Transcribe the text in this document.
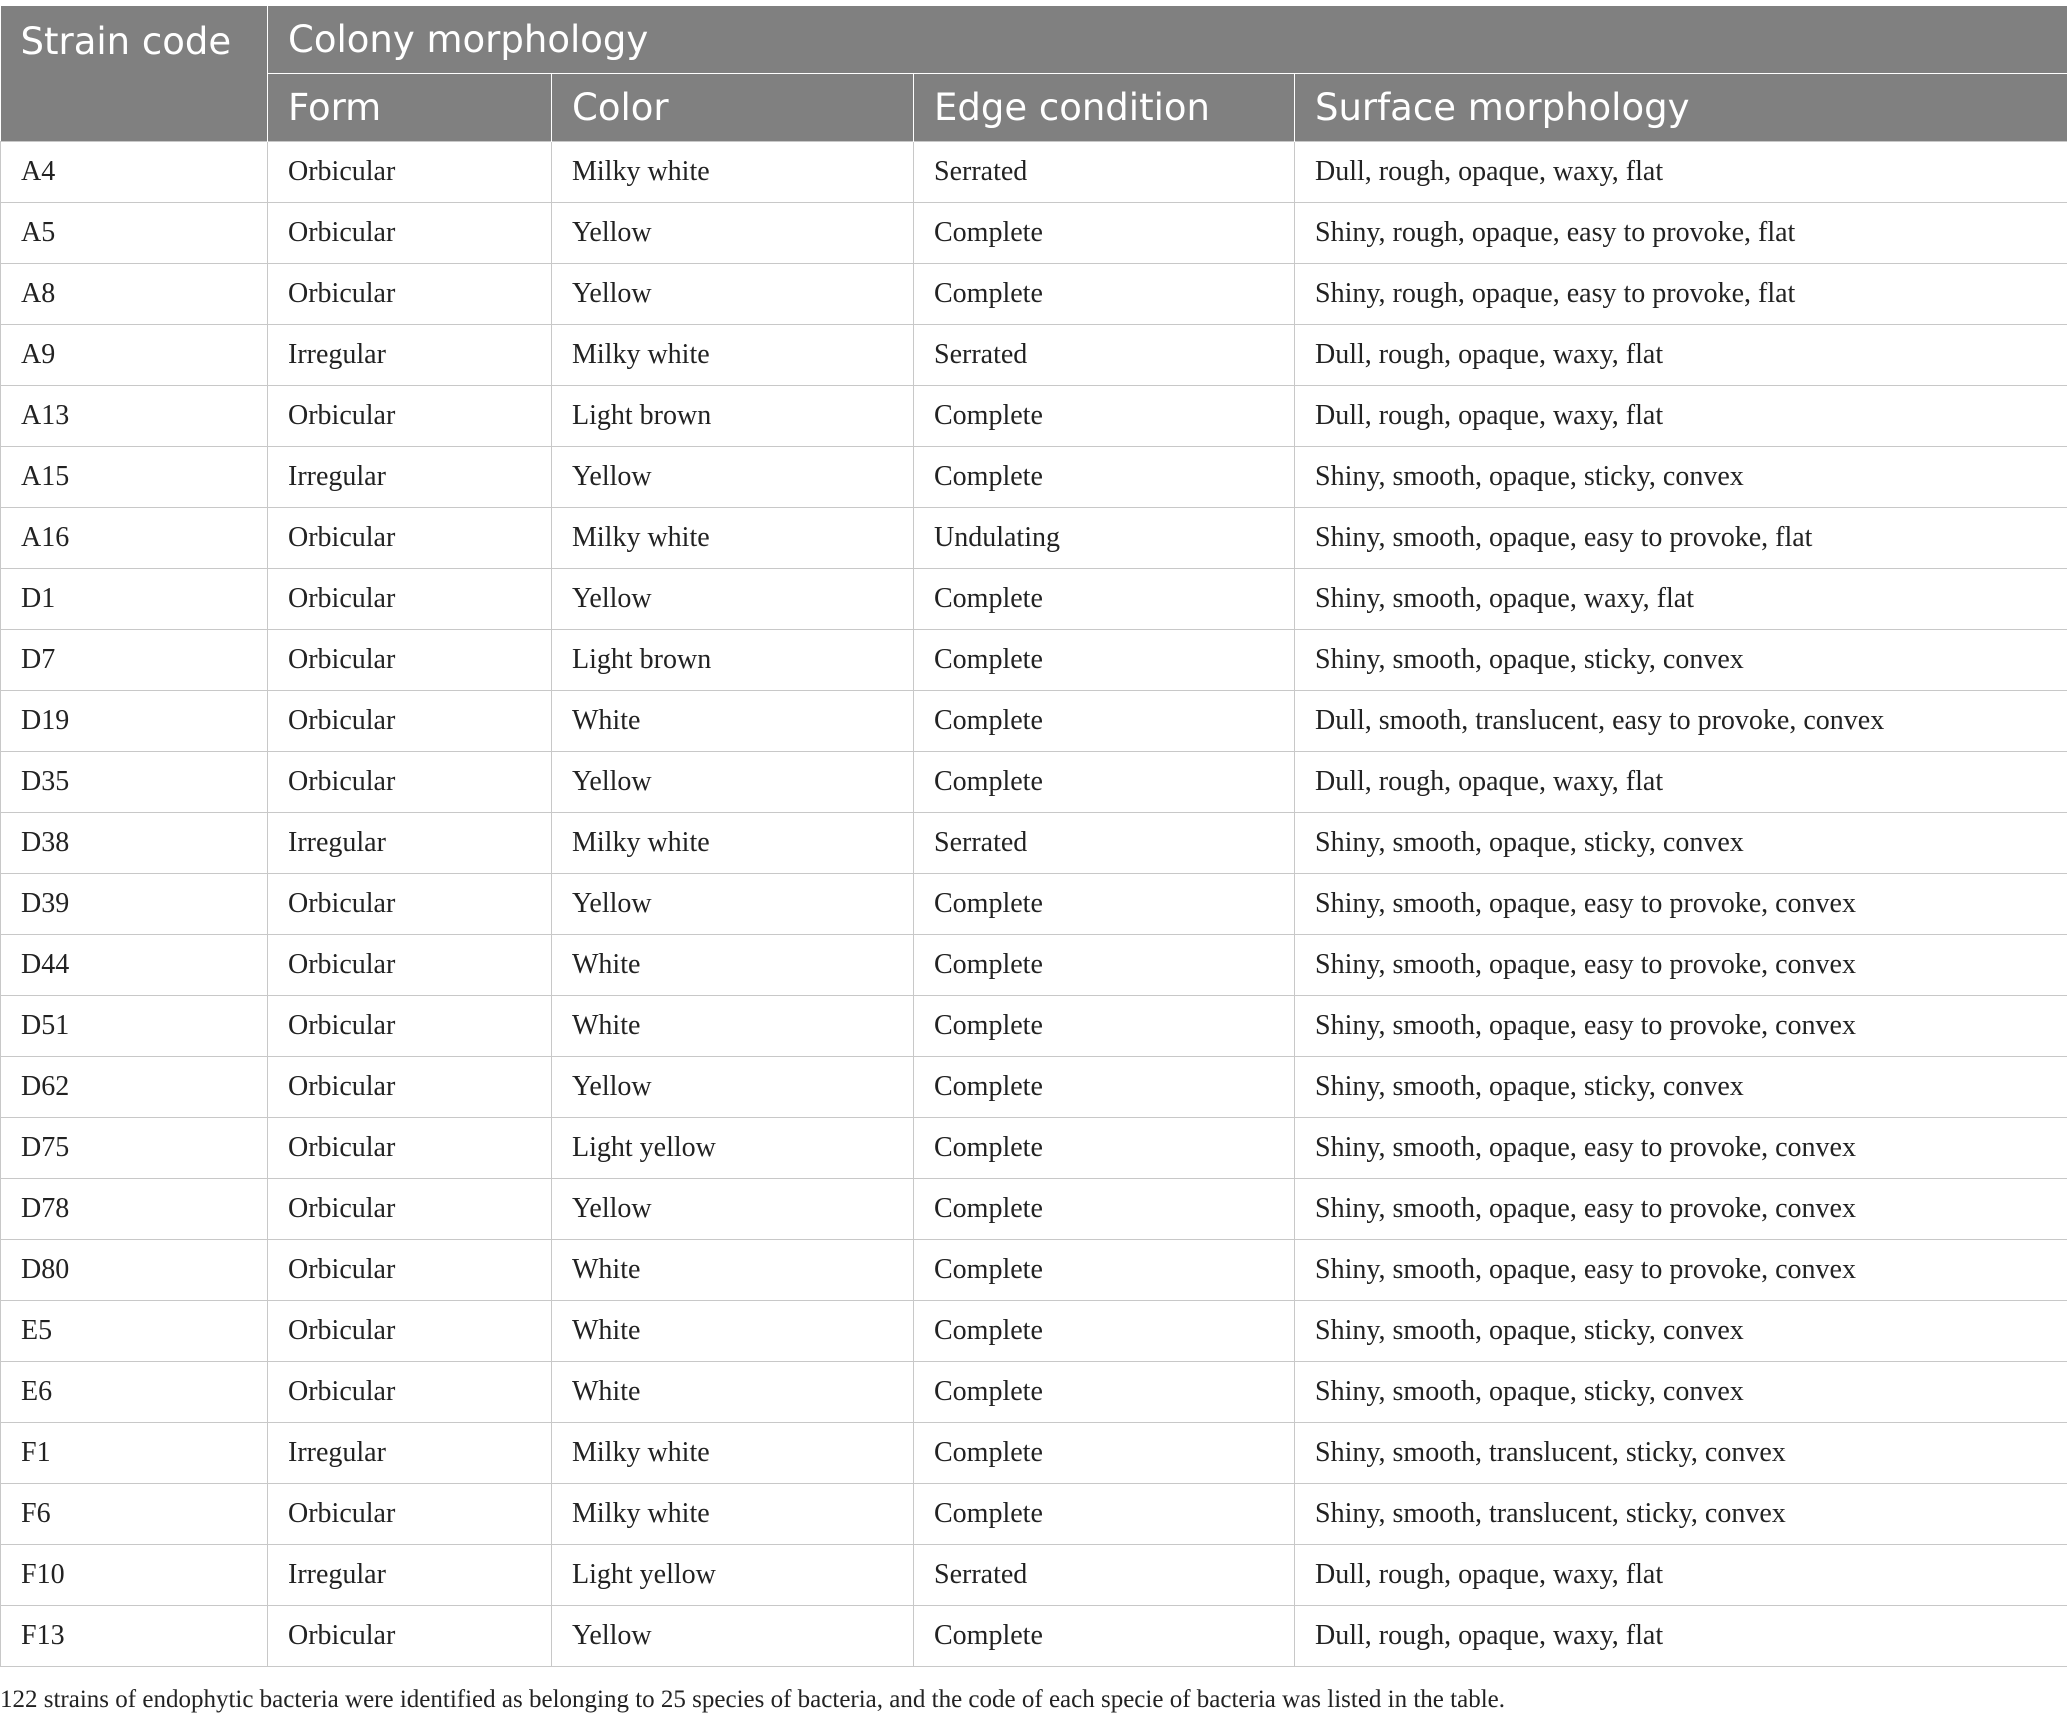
Strain code	Colony morphology			
	Form	Color	Edge condition	Surface morphology
A4	Orbicular	Milky white	Serrated	Dull, rough, opaque, waxy, flat
A5	Orbicular	Yellow	Complete	Shiny, rough, opaque, easy to provoke, flat
A8	Orbicular	Yellow	Complete	Shiny, rough, opaque, easy to provoke, flat
A9	Irregular	Milky white	Serrated	Dull, rough, opaque, waxy, flat
A13	Orbicular	Light brown	Complete	Dull, rough, opaque, waxy, flat
A15	Irregular	Yellow	Complete	Shiny, smooth, opaque, sticky, convex
A16	Orbicular	Milky white	Undulating	Shiny, smooth, opaque, easy to provoke, flat
D1	Orbicular	Yellow	Complete	Shiny, smooth, opaque, waxy, flat
D7	Orbicular	Light brown	Complete	Shiny, smooth, opaque, sticky, convex
D19	Orbicular	White	Complete	Dull, smooth, translucent, easy to provoke, convex
D35	Orbicular	Yellow	Complete	Dull, rough, opaque, waxy, flat
D38	Irregular	Milky white	Serrated	Shiny, smooth, opaque, sticky, convex
D39	Orbicular	Yellow	Complete	Shiny, smooth, opaque, easy to provoke, convex
D44	Orbicular	White	Complete	Shiny, smooth, opaque, easy to provoke, convex
D51	Orbicular	White	Complete	Shiny, smooth, opaque, easy to provoke, convex
D62	Orbicular	Yellow	Complete	Shiny, smooth, opaque, sticky, convex
D75	Orbicular	Light yellow	Complete	Shiny, smooth, opaque, easy to provoke, convex
D78	Orbicular	Yellow	Complete	Shiny, smooth, opaque, easy to provoke, convex
D80	Orbicular	White	Complete	Shiny, smooth, opaque, easy to provoke, convex
E5	Orbicular	White	Complete	Shiny, smooth, opaque, sticky, convex
E6	Orbicular	White	Complete	Shiny, smooth, opaque, sticky, convex
F1	Irregular	Milky white	Complete	Shiny, smooth, translucent, sticky, convex
F6	Orbicular	Milky white	Complete	Shiny, smooth, translucent, sticky, convex
F10	Irregular	Light yellow	Serrated	Dull, rough, opaque, waxy, flat
F13	Orbicular	Yellow	Complete	Dull, rough, opaque, waxy, flat
122 strains of endophytic bacteria were identified as belonging to 25 species of bacteria, and the code of each specie of bacteria was listed in the table.
